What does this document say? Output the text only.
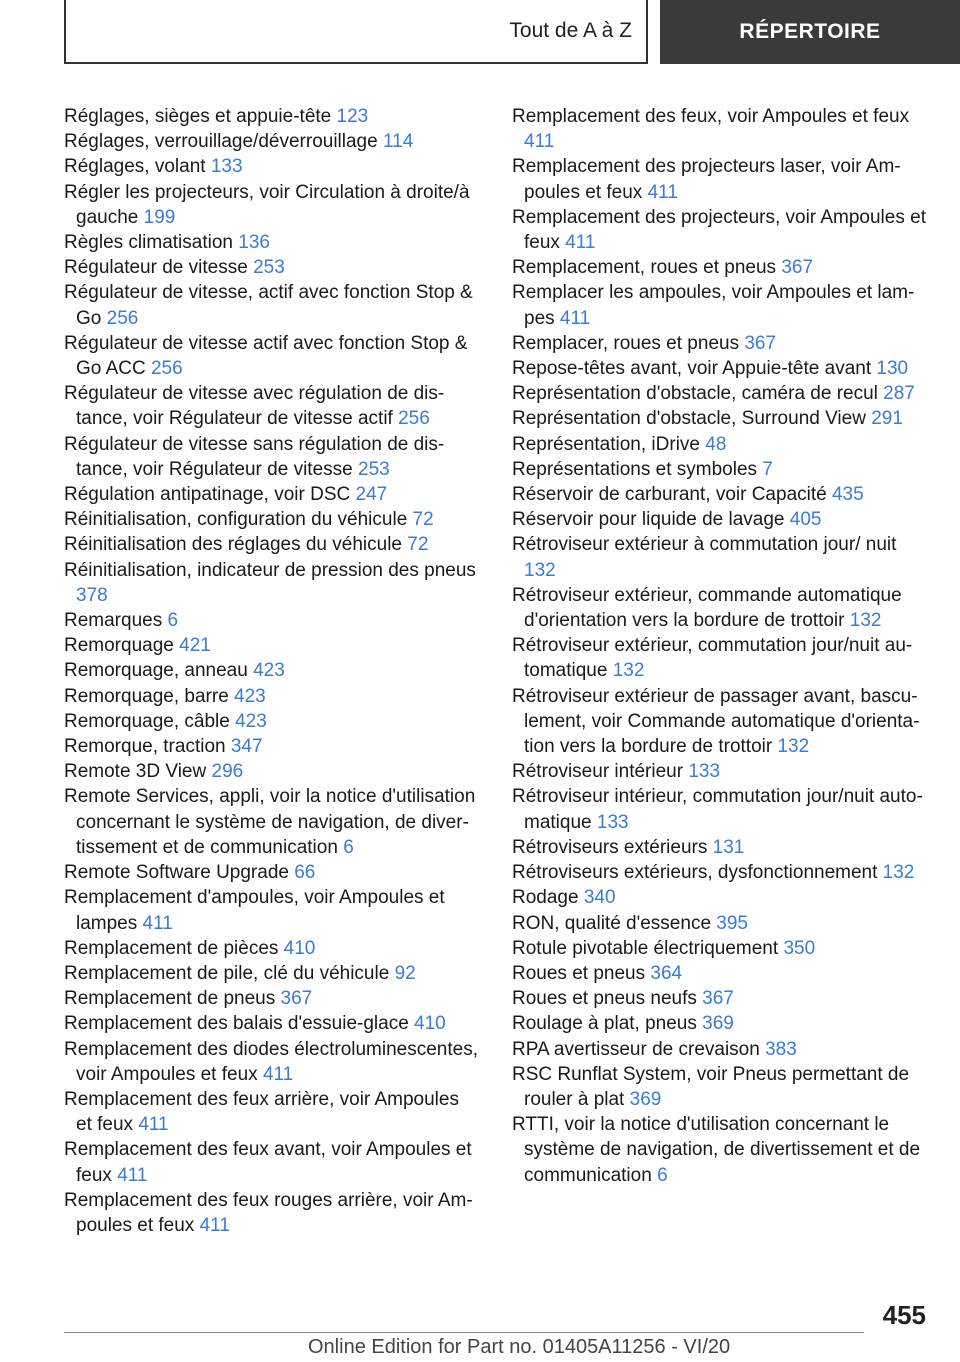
Tout de A à Z	RÉPERTOIRE
Réglages, sièges et appuie-tête 123
Réglages, verrouillage/déverrouillage 114
Réglages, volant 133
Régler les projecteurs, voir Circulation à droite/à gauche 199
Règles climatisation 136
Régulateur de vitesse 253
Régulateur de vitesse, actif avec fonction Stop & Go 256
Régulateur de vitesse actif avec fonction Stop & Go ACC 256
Régulateur de vitesse avec régulation de distance, voir Régulateur de vitesse actif 256
Régulateur de vitesse sans régulation de distance, voir Régulateur de vitesse 253
Régulation antipatinage, voir DSC 247
Réinitialisation, configuration du véhicule 72
Réinitialisation des réglages du véhicule 72
Réinitialisation, indicateur de pression des pneus 378
Remarques 6
Remorquage 421
Remorquage, anneau 423
Remorquage, barre 423
Remorquage, câble 423
Remorque, traction 347
Remote 3D View 296
Remote Services, appli, voir la notice d'utilisation concernant le système de navigation, de divertissement et de communication 6
Remote Software Upgrade 66
Remplacement d'ampoules, voir Ampoules et lampes 411
Remplacement de pièces 410
Remplacement de pile, clé du véhicule 92
Remplacement de pneus 367
Remplacement des balais d'essuie-glace 410
Remplacement des diodes électroluminescentes, voir Ampoules et feux 411
Remplacement des feux arrière, voir Ampoules et feux 411
Remplacement des feux avant, voir Ampoules et feux 411
Remplacement des feux rouges arrière, voir Ampoules et feux 411
Remplacement des feux, voir Ampoules et feux 411
Remplacement des projecteurs laser, voir Ampoules et feux 411
Remplacement des projecteurs, voir Ampoules et feux 411
Remplacement, roues et pneus 367
Remplacer les ampoules, voir Ampoules et lampes 411
Remplacer, roues et pneus 367
Repose-têtes avant, voir Appuie-tête avant 130
Représentation d'obstacle, caméra de recul 287
Représentation d'obstacle, Surround View 291
Représentation, iDrive 48
Représentations et symboles 7
Réservoir de carburant, voir Capacité 435
Réservoir pour liquide de lavage 405
Rétroviseur extérieur à commutation jour/ nuit 132
Rétroviseur extérieur, commande automatique d'orientation vers la bordure de trottoir 132
Rétroviseur extérieur, commutation jour/nuit automatique 132
Rétroviseur extérieur de passager avant, basculement, voir Commande automatique d'orientation vers la bordure de trottoir 132
Rétroviseur intérieur 133
Rétroviseur intérieur, commutation jour/nuit automatique 133
Rétroviseurs extérieurs 131
Rétroviseurs extérieurs, dysfonctionnement 132
Rodage 340
RON, qualité d'essence 395
Rotule pivotable électriquement 350
Roues et pneus 364
Roues et pneus neufs 367
Roulage à plat, pneus 369
RPA avertisseur de crevaison 383
RSC Runflat System, voir Pneus permettant de rouler à plat 369
RTTI, voir la notice d'utilisation concernant le système de navigation, de divertissement et de communication 6
455
Online Edition for Part no. 01405A11256 - VI/20
